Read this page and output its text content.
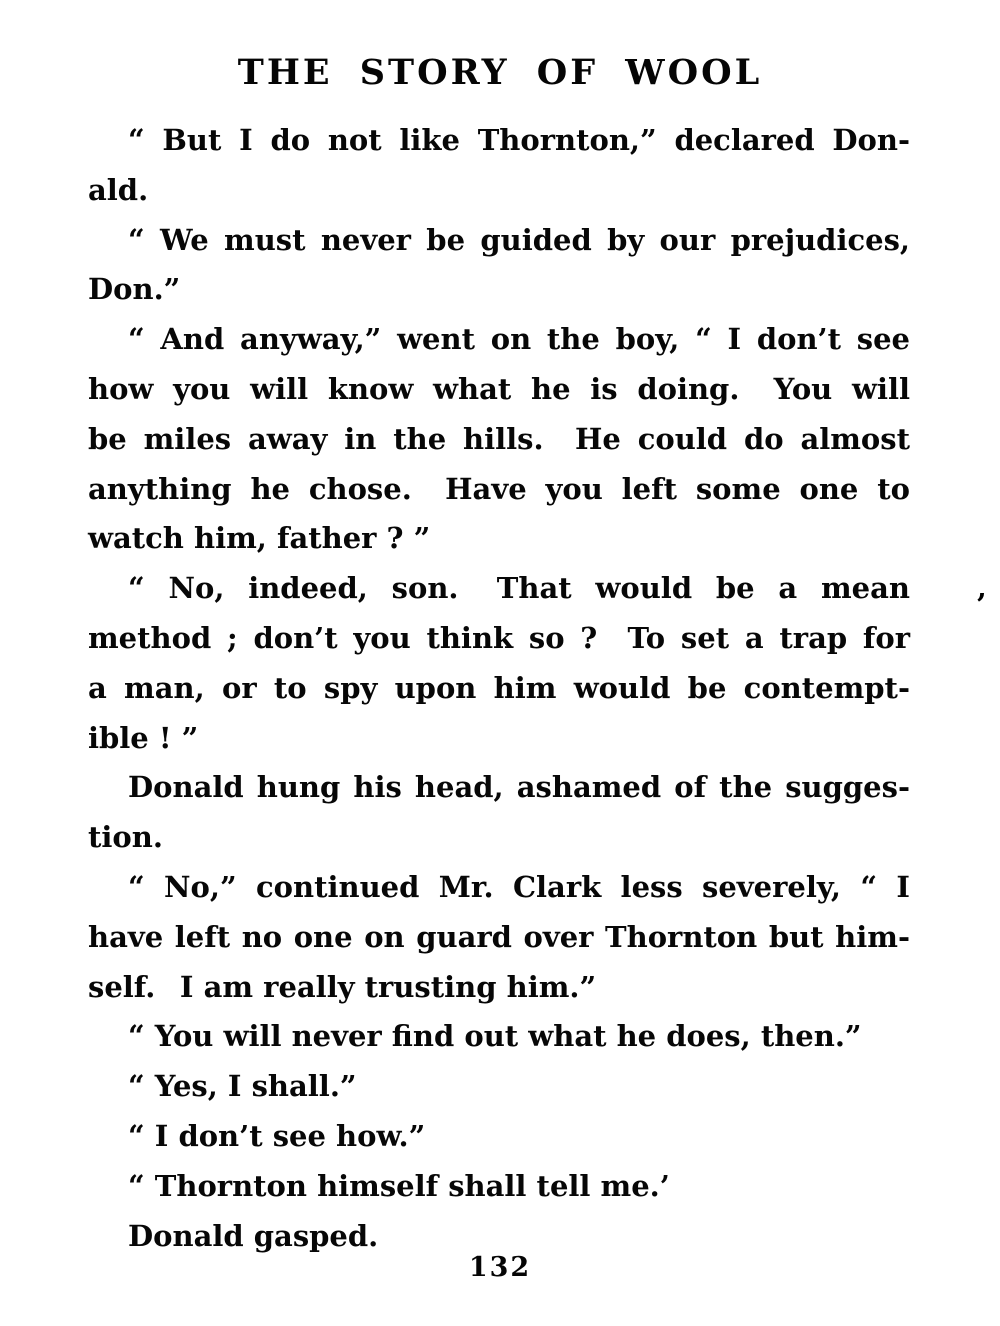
THE STORY OF WOOL
“ But I do not like Thornton,” declared Don-
ald.
“ We must never be guided by our prejudices,
Don.”
“ And anyway,” went on the boy, “ I don’t see
how you will know what he is doing.  You will
be miles away in the hills.  He could do almost
anything he chose.  Have you left some one to
watch him, father ? ”
“ No, indeed, son.  That would be a mean
method ; don’t you think so ?  To set a trap for
a man, or to spy upon him would be contempt-
ible ! ”
Donald hung his head, ashamed of the sugges-
tion.
“ No,” continued Mr. Clark less severely, “ I
have left no one on guard over Thornton but him-
self.  I am really trusting him.”
“ You will never find out what he does, then.”
“ Yes, I shall.”
“ I don’t see how.”
“ Thornton himself shall tell me.’
Donald gasped.
’
132
